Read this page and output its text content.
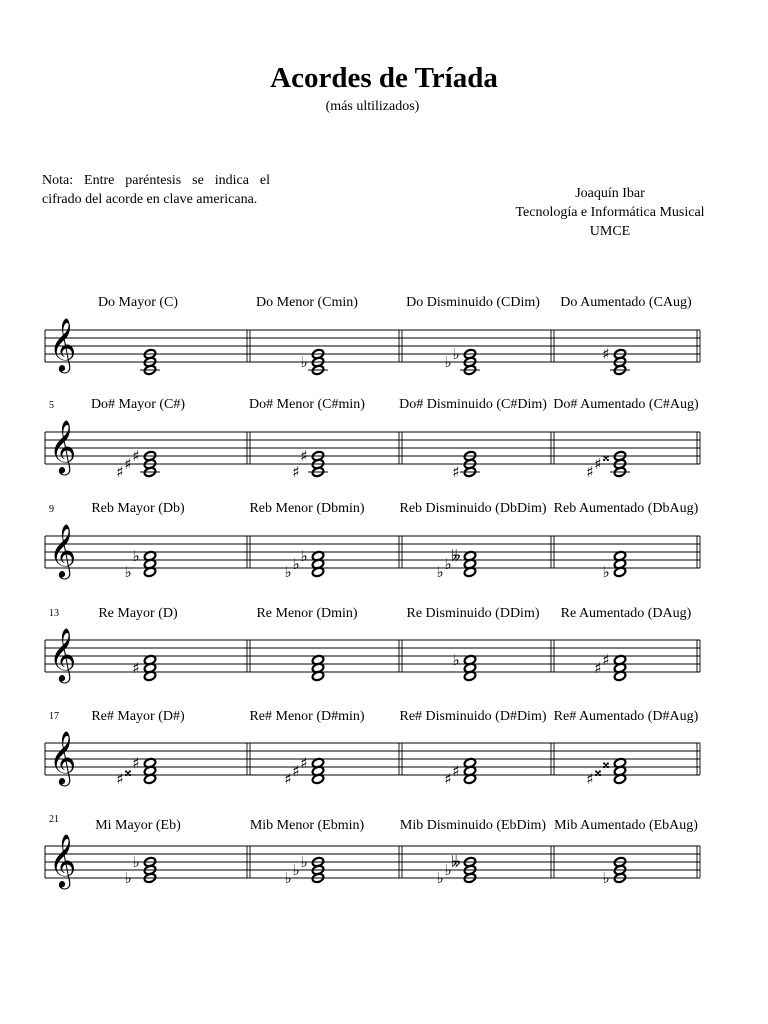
Acordes de Tríada
(más ultilizados)
Nota: Entre paréntesis se indica el cifrado del acorde en clave americana.	Joaquín Ibar
Tecnología e Informática Musical
UMCE
𝄞
Do Mayor (C)	Do Menor (Cmin)
♭
Do Disminuido (CDim)
♭
♭
Do Aumentado (CAug)
♯
𝄞
5	Do# Mayor (C#)
♯
♯
♯
Do# Menor (C#min)
♯
♯
Do# Disminuido (C#Dim)
♯
Do# Aumentado (C#Aug)
𝄪
♯
♯
𝄞
9	Reb Mayor (Db)
♭
♭
Reb Menor (Dbmin)
♭
♭
♭
Reb Disminuido (DbDim)
𝄫
♭
♭
Reb Aumentado (DbAug)
♭
𝄞
13	Re Mayor (D)
♯
Re Menor (Dmin)	Re Disminuido (DDim)
♭
Re Aumentado (DAug)
♯
♯
𝄞
17 Re# Mayor (D#)
♯
𝄪
♯
Re# Menor (D#min)
♯
♯
♯
Re# Disminuido (D#Dim)
♯
♯
Re# Aumentado (D#Aug)
𝄪
𝄪
♯
𝄞
21	Mi Mayor (Eb)
♭
♭
Mib Menor (Ebmin)
♭
♭
♭
Mib Disminuido (EbDim)
𝄫
♭
♭
Mib Aumentado (EbAug)
♭
